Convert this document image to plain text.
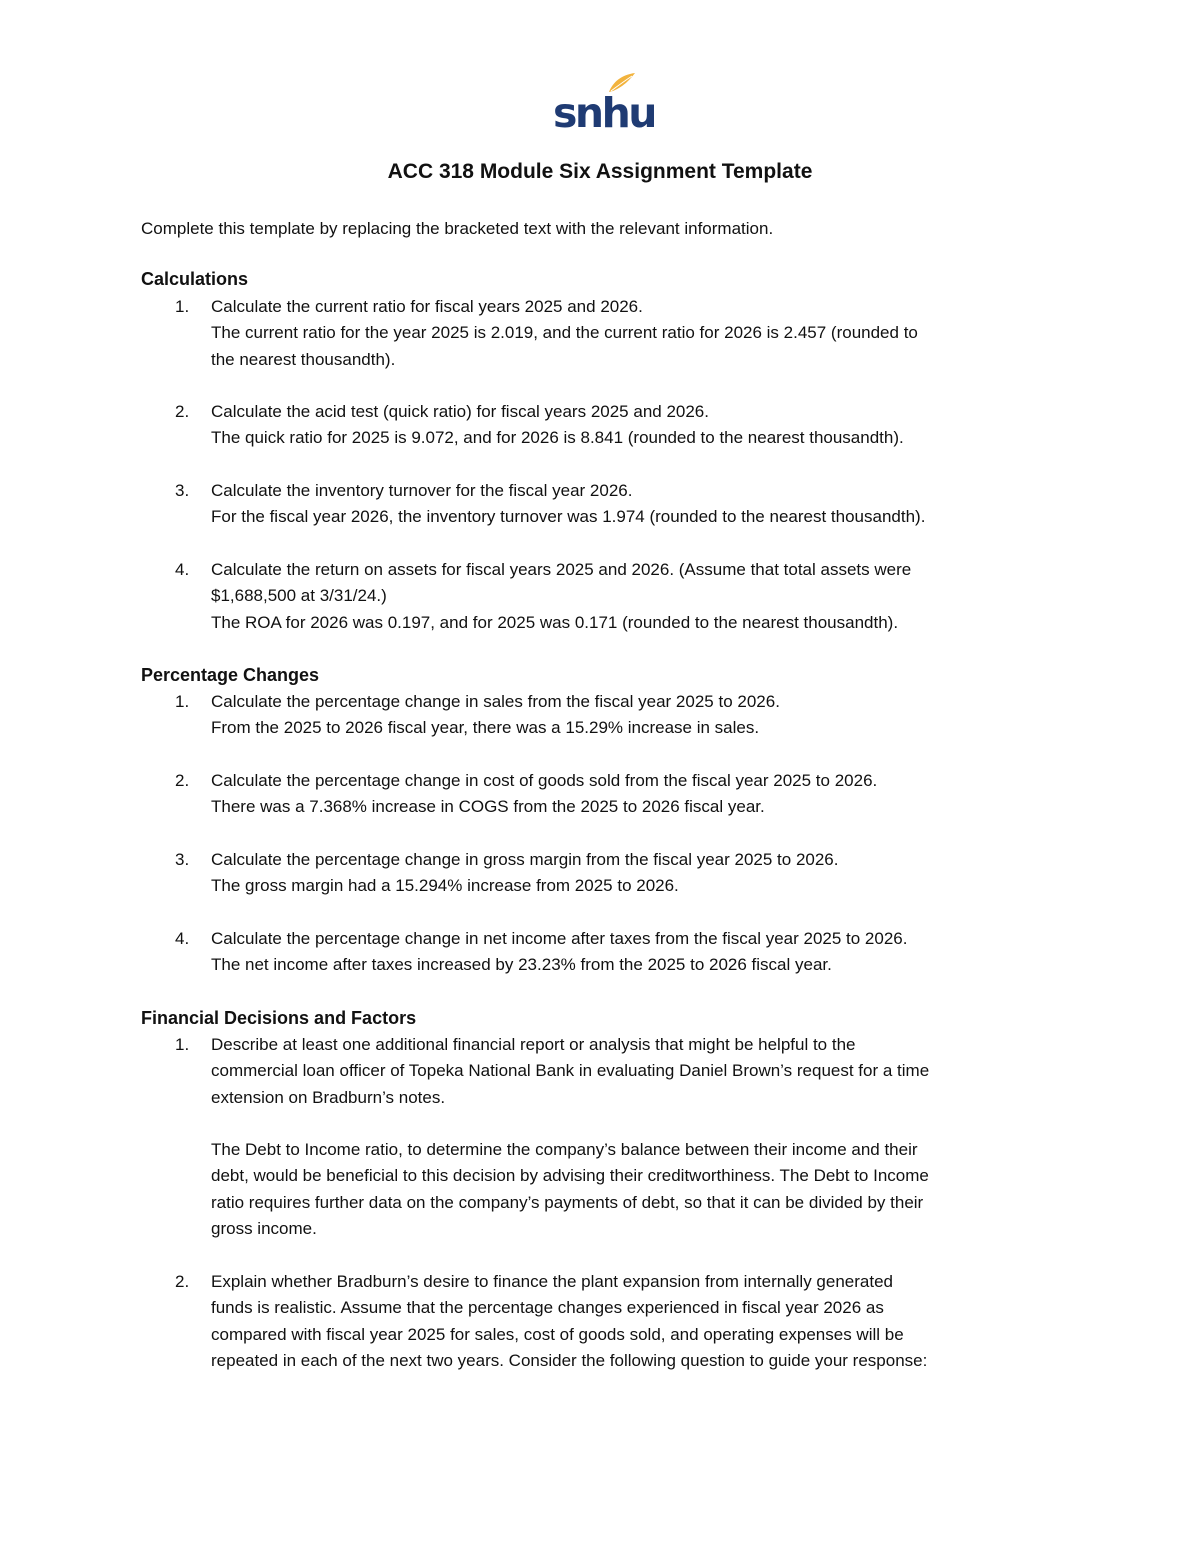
snhu
ACC 318 Module Six Assignment Template
Complete this template by replacing the bracketed text with the relevant information.
Calculations
1. Calculate the current ratio for fiscal years 2025 and 2026.
The current ratio for the year 2025 is 2.019, and the current ratio for 2026 is 2.457 (rounded to
the nearest thousandth).
2. Calculate the acid test (quick ratio) for fiscal years 2025 and 2026.
The quick ratio for 2025 is 9.072, and for 2026 is 8.841 (rounded to the nearest thousandth).
3. Calculate the inventory turnover for the fiscal year 2026.
For the fiscal year 2026, the inventory turnover was 1.974 (rounded to the nearest thousandth).
4. Calculate the return on assets for fiscal years 2025 and 2026. (Assume that total assets were
$1,688,500 at 3/31/24.)
The ROA for 2026 was 0.197, and for 2025 was 0.171 (rounded to the nearest thousandth).
Percentage Changes
1. Calculate the percentage change in sales from the fiscal year 2025 to 2026.
From the 2025 to 2026 fiscal year, there was a 15.29% increase in sales.
2. Calculate the percentage change in cost of goods sold from the fiscal year 2025 to 2026.
There was a 7.368% increase in COGS from the 2025 to 2026 fiscal year.
3. Calculate the percentage change in gross margin from the fiscal year 2025 to 2026.
The gross margin had a 15.294% increase from 2025 to 2026.
4. Calculate the percentage change in net income after taxes from the fiscal year 2025 to 2026.
The net income after taxes increased by 23.23% from the 2025 to 2026 fiscal year.
Financial Decisions and Factors
1. Describe at least one additional financial report or analysis that might be helpful to the
commercial loan officer of Topeka National Bank in evaluating Daniel Brown’s request for a time
extension on Bradburn’s notes.
The Debt to Income ratio, to determine the company’s balance between their income and their
debt, would be beneficial to this decision by advising their creditworthiness. The Debt to Income
ratio requires further data on the company’s payments of debt, so that it can be divided by their
gross income.
2. Explain whether Bradburn’s desire to finance the plant expansion from internally generated
funds is realistic. Assume that the percentage changes experienced in fiscal year 2026 as
compared with fiscal year 2025 for sales, cost of goods sold, and operating expenses will be
repeated in each of the next two years. Consider the following question to guide your response:
